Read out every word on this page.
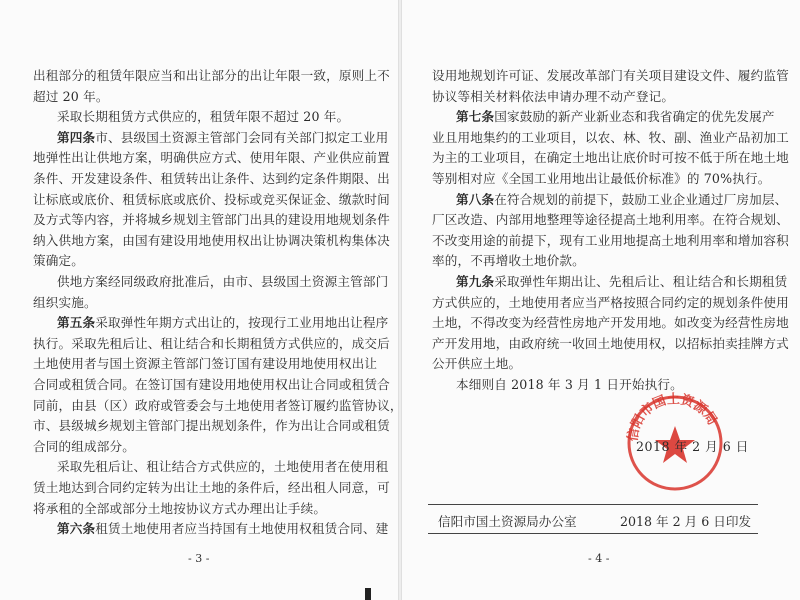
- 3 -
信阳市国土资源局
2018 年 2 月 6 日
信阳市国土资源局办公室	2018 年 2 月 6 日印发
- 4 -
出租部分的租赁年限应当和出让部分的出让年限一致，原则上不
超过 20 年。
采取长期租赁方式供应的，租赁年限不超过 20 年。
第四条市、县级国土资源主管部门会同有关部门拟定工业用
地弹性出让供地方案，明确供应方式、使用年限、产业供应前置
条件、开发建设条件、租赁转出让条件、达到约定条件期限、出
让标底或底价、租赁标底或底价、投标或竞买保证金、缴款时间
及方式等内容，并将城乡规划主管部门出具的建设用地规划条件
纳入供地方案，由国有建设用地使用权出让协调决策机构集体决
策确定。
供地方案经同级政府批准后，由市、县级国土资源主管部门
组织实施。
第五条采取弹性年期方式出让的，按现行工业用地出让程序
执行。采取先租后让、租让结合和长期租赁方式供应的，成交后
土地使用者与国土资源主管部门签订国有建设用地使用权出让
合同或租赁合同。在签订国有建设用地使用权出让合同或租赁合
同前，由县（区）政府或管委会与土地使用者签订履约监管协议，
市、县级城乡规划主管部门提出规划条件，作为出让合同或租赁
合同的组成部分。
采取先租后让、租让结合方式供应的，土地使用者在使用租
赁土地达到合同约定转为出让土地的条件后，经出租人同意，可
将承租的全部或部分土地按协议方式办理出让手续。
第六条租赁土地使用者应当持国有土地使用权租赁合同、建
设用地规划许可证、发展改革部门有关项目建设文件、履约监管
协议等相关材料依法申请办理不动产登记。
第七条国家鼓励的新产业新业态和我省确定的优先发展产
业且用地集约的工业项目，以农、林、牧、副、渔业产品初加工
为主的工业项目，在确定土地出让底价时可按不低于所在地土地
等别相对应《全国工业用地出让最低价标准》的 70%执行。
第八条在符合规划的前提下，鼓励工业企业通过厂房加层、
厂区改造、内部用地整理等途径提高土地利用率。在符合规划、
不改变用途的前提下，现有工业用地提高土地利用率和增加容积
率的，不再增收土地价款。
第九条采取弹性年期出让、先租后让、租让结合和长期租赁
方式供应的，土地使用者应当严格按照合同约定的规划条件使用
土地，不得改变为经营性房地产开发用地。如改变为经营性房地
产开发用地，由政府统一收回土地使用权，以招标拍卖挂牌方式
公开供应土地。
本细则自 2018 年 3 月 1 日开始执行。
